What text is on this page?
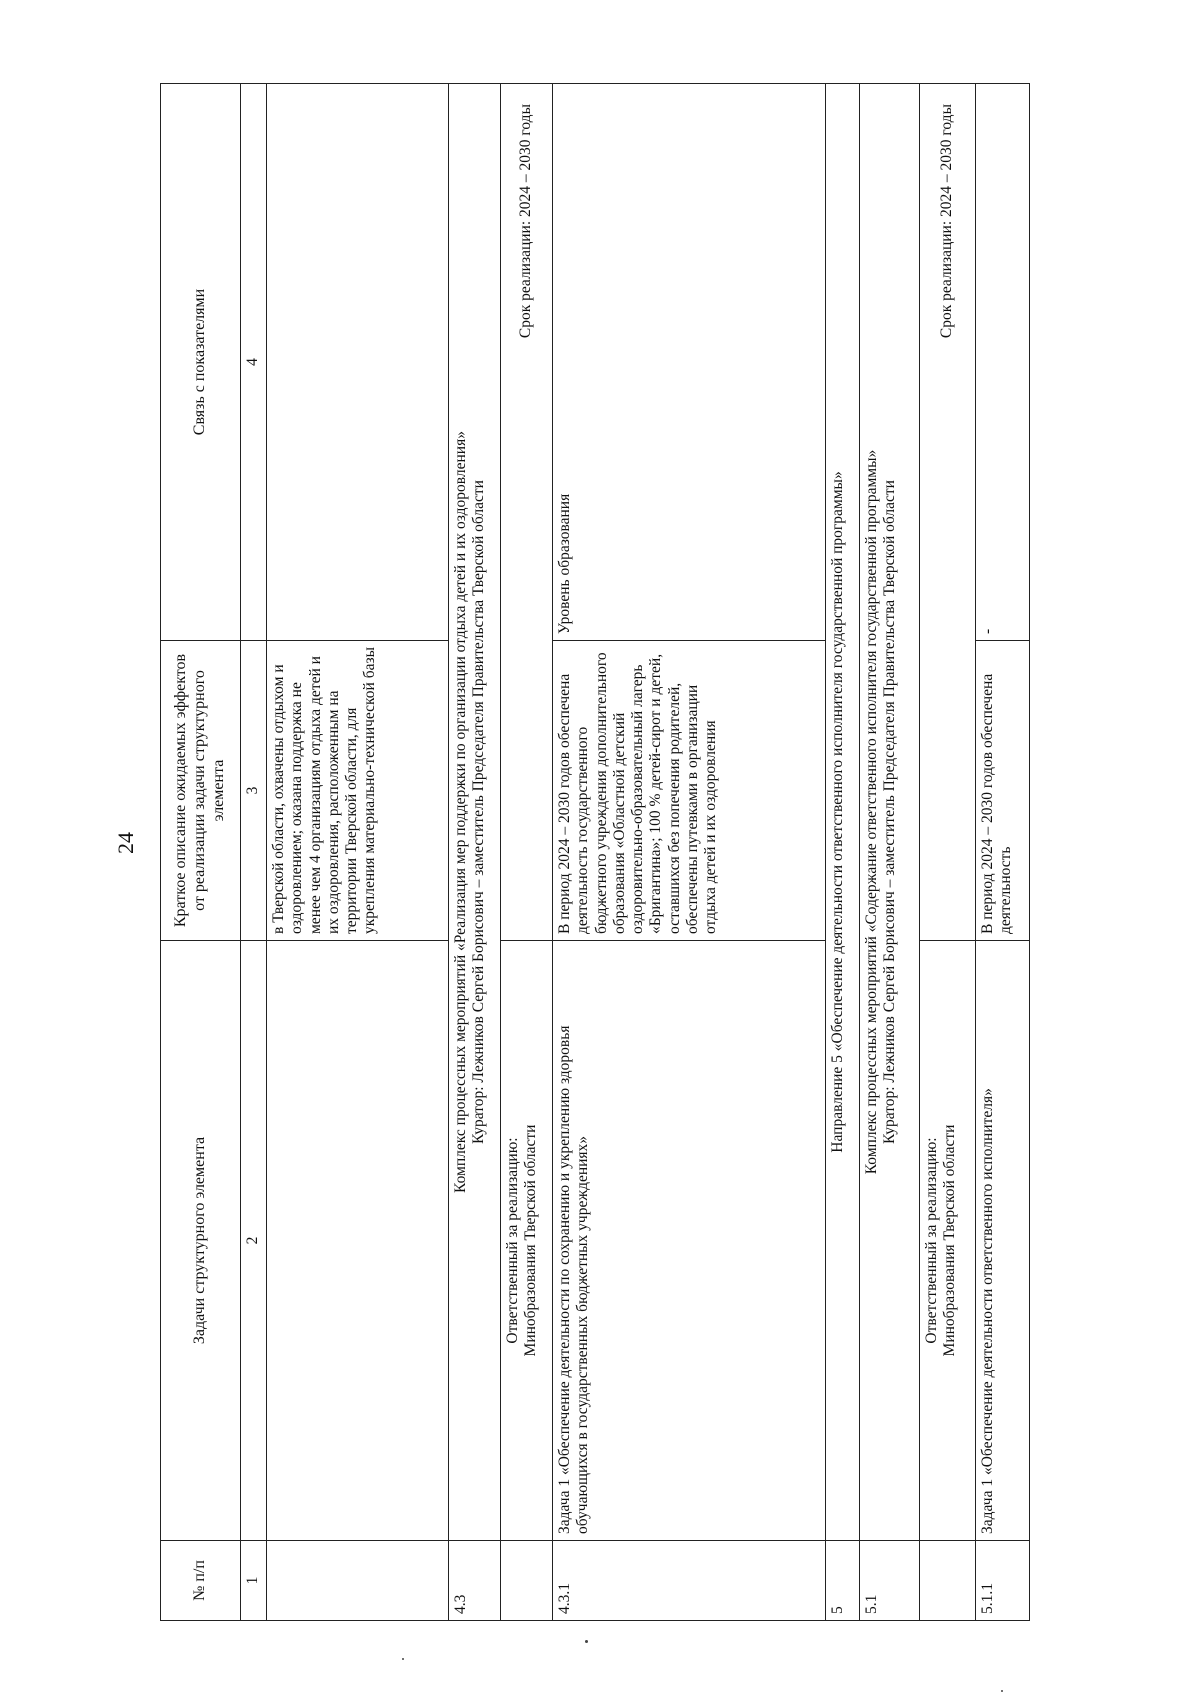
24
№ п/п	Задачи структурного элемента	Краткое описание ожидаемых эффектов от реализации задачи структурного элемента	Связь с показателями
1	2	3	4
		в Тверской области, охвачены отдыхом и оздоровлением; оказана поддержка не менее чем 4 организациям отдыха детей и их оздоровления, расположенным на территории Тверской области, для укрепления материально-технической базы	
4.3	Комплекс процессных мероприятий «Реализация мер поддержки по организации отдыха детей и их оздоровления» Куратор: Лежников Сергей Борисович – заместитель Председателя Правительства Тверской области		

	Ответственный за реализацию: Минобразования Тверской области	Срок реализации: 2024 – 2030 годы	
4.3.1	Задача 1 «Обеспечение деятельности по сохранению и укреплению здоровья обучающихся в государственных бюджетных учреждениях»	В период 2024 – 2030 годов обеспечена деятельность государственного бюджетного учреждения дополнительного образования «Областной детский оздоровительно-образовательный лагерь «Бригантина»; 100 % детей-сирот и детей, оставшихся без попечения родителей, обеспечены путевками в организации отдыха детей и их оздоровления	Уровень образования
5	Направление 5 «Обеспечение деятельности ответственного исполнителя государственной программы»		
5.1	Комплекс процессных мероприятий «Содержание ответственного исполнителя государственной программы» Куратор: Лежников Сергей Борисович – заместитель Председателя Правительства Тверской области		

	Ответственный за реализацию: Минобразования Тверской области	Срок реализации: 2024 – 2030 годы	
5.1.1	Задача 1 «Обеспечение деятельности ответственного исполнителя»	В период 2024 – 2030 годов обеспечена деятельность	-
